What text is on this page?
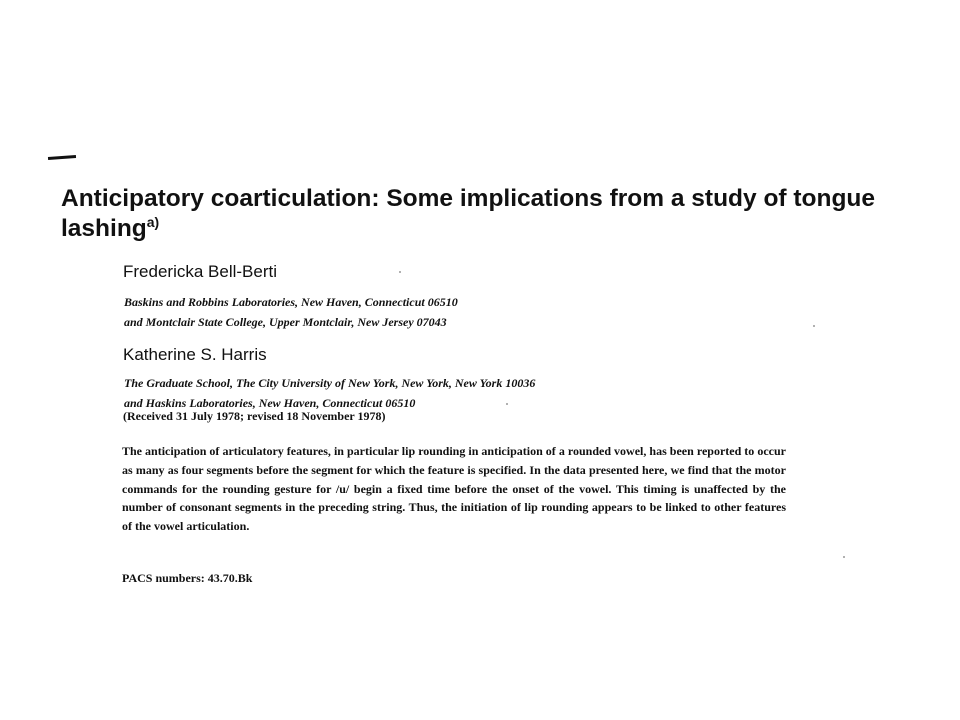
Anticipatory coarticulation: Some implications from a study of tongue lashing$^{a)}$
Fredericka Bell-Berti
Baskins and Robbins Laboratories, New Haven, Connecticut 06510
and Montclair State College, Upper Montclair, New Jersey 07043
Katherine S. Harris
The Graduate School, The City University of New York, New York, New York 10036
and Haskins Laboratories, New Haven, Connecticut 06510
(Received 31 July 1978; revised 18 November 1978)
The anticipation of articulatory features, in particular lip rounding in anticipation of a rounded vowel, has been reported to occur as many as four segments before the segment for which the feature is specified. In the data presented here, we find that the motor commands for the rounding gesture for /u/ begin a fixed time before the onset of the vowel. This timing is unaffected by the number of consonant segments in the preceding string. Thus, the initiation of lip rounding appears to be linked to other features of the vowel articulation.
PACS numbers: 43.70.Bk
